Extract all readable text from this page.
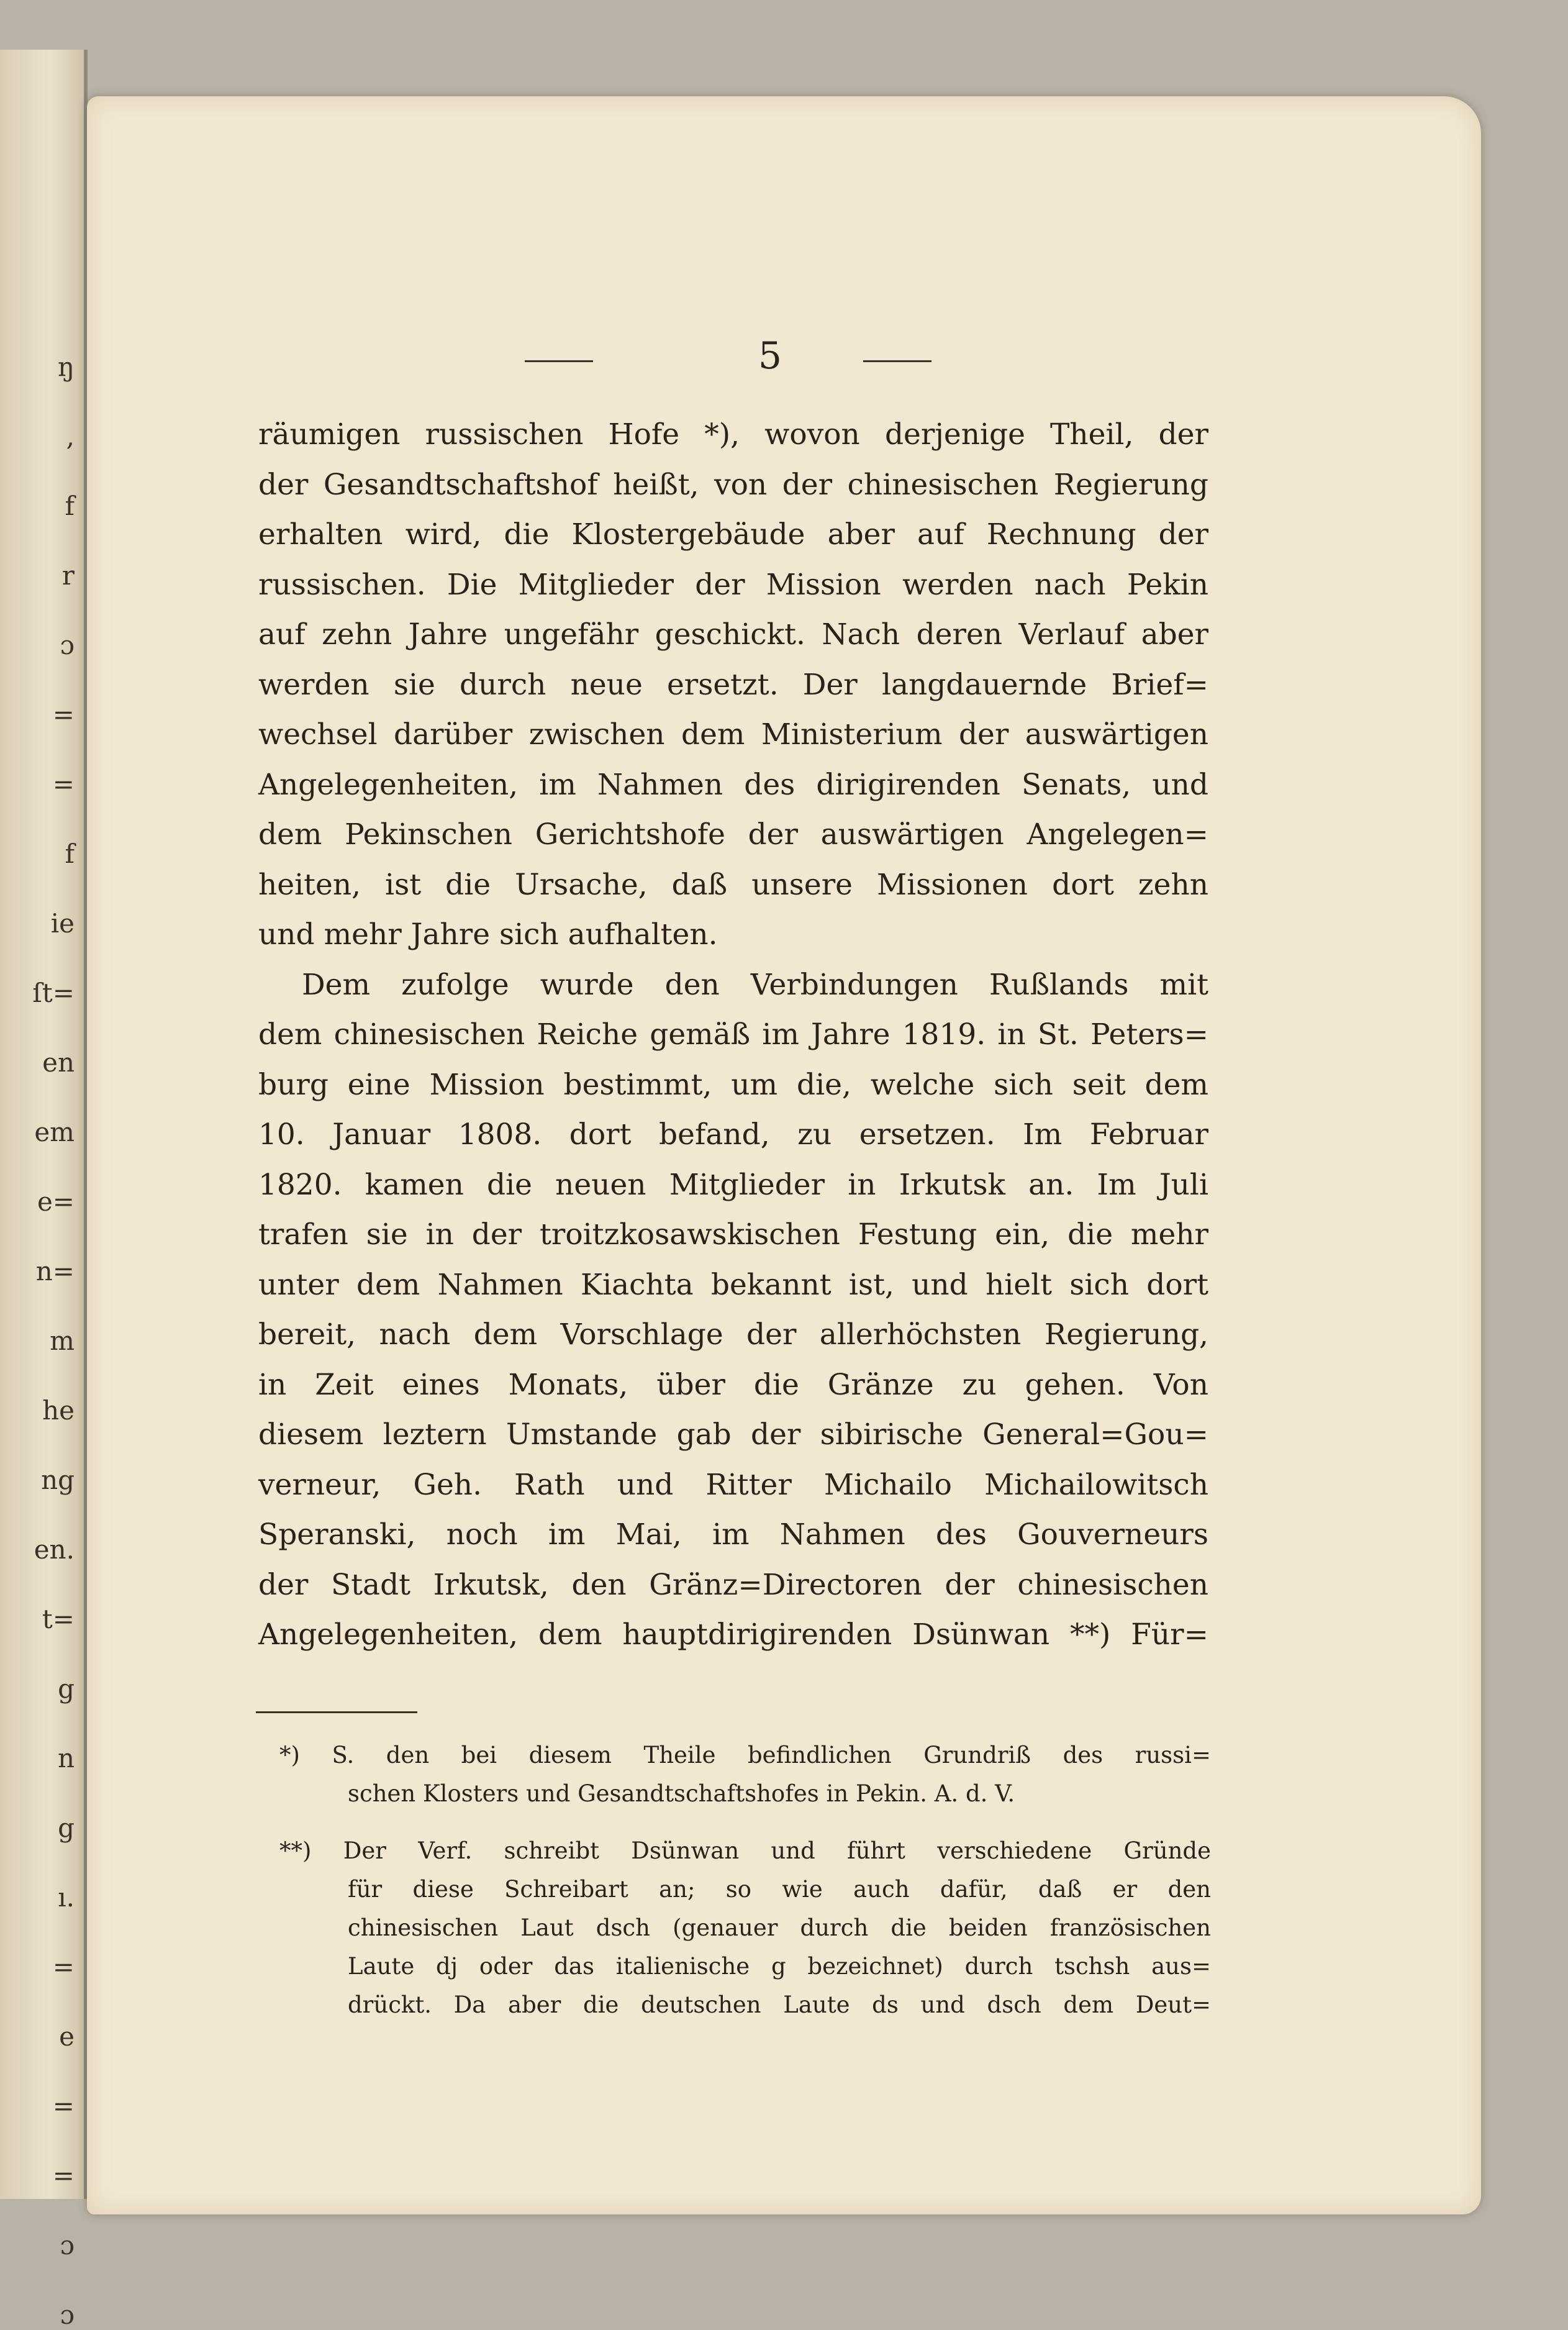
ŋ
,
f
r
ɔ
=
=
f
ie
ſt=
en
em
e=
n=
m
he
ng
en.
t=
g
n
g
ı.
=
e
=
=
ɔ
ɔ
5
räumigen russischen Hofe *), wovon derjenige Theil, der
der Gesandtschaftshof heißt, von der chinesischen Regierung
erhalten wird, die Klostergebäude aber auf Rechnung der
russischen. Die Mitglieder der Mission werden nach Pekin
auf zehn Jahre ungefähr geschickt. Nach deren Verlauf aber
werden sie durch neue ersetzt. Der langdauernde Brief=
wechsel darüber zwischen dem Ministerium der auswärtigen
Angelegenheiten, im Nahmen des dirigirenden Senats, und
dem Pekinschen Gerichtshofe der auswärtigen Angelegen=
heiten, ist die Ursache, daß unsere Missionen dort zehn
und mehr Jahre sich aufhalten.
Dem zufolge wurde den Verbindungen Rußlands mit
dem chinesischen Reiche gemäß im Jahre 1819. in St. Peters=
burg eine Mission bestimmt, um die, welche sich seit dem
10. Januar 1808. dort befand, zu ersetzen. Im Februar
1820. kamen die neuen Mitglieder in Irkutsk an. Im Juli
trafen sie in der troitzkosawskischen Festung ein, die mehr
unter dem Nahmen Kiachta bekannt ist, und hielt sich dort
bereit, nach dem Vorschlage der allerhöchsten Regierung,
in Zeit eines Monats, über die Gränze zu gehen. Von
diesem leztern Umstande gab der sibirische General=Gou=
verneur, Geh. Rath und Ritter Michailo Michailowitsch
Speranski, noch im Mai, im Nahmen des Gouverneurs
der Stadt Irkutsk, den Gränz=Directoren der chinesischen
Angelegenheiten, dem hauptdirigirenden Dsünwan **) Für=
*) S. den bei diesem Theile befindlichen Grundriß des russi=
schen Klosters und Gesandtschaftshofes in Pekin. A. d. V.
**) Der Verf. schreibt Dsünwan und führt verschiedene Gründe
für diese Schreibart an; so wie auch dafür, daß er den
chinesischen Laut dsch (genauer durch die beiden französischen
Laute dj oder das italienische g bezeichnet) durch tschsh aus=
drückt. Da aber die deutschen Laute ds und dsch dem Deut=
